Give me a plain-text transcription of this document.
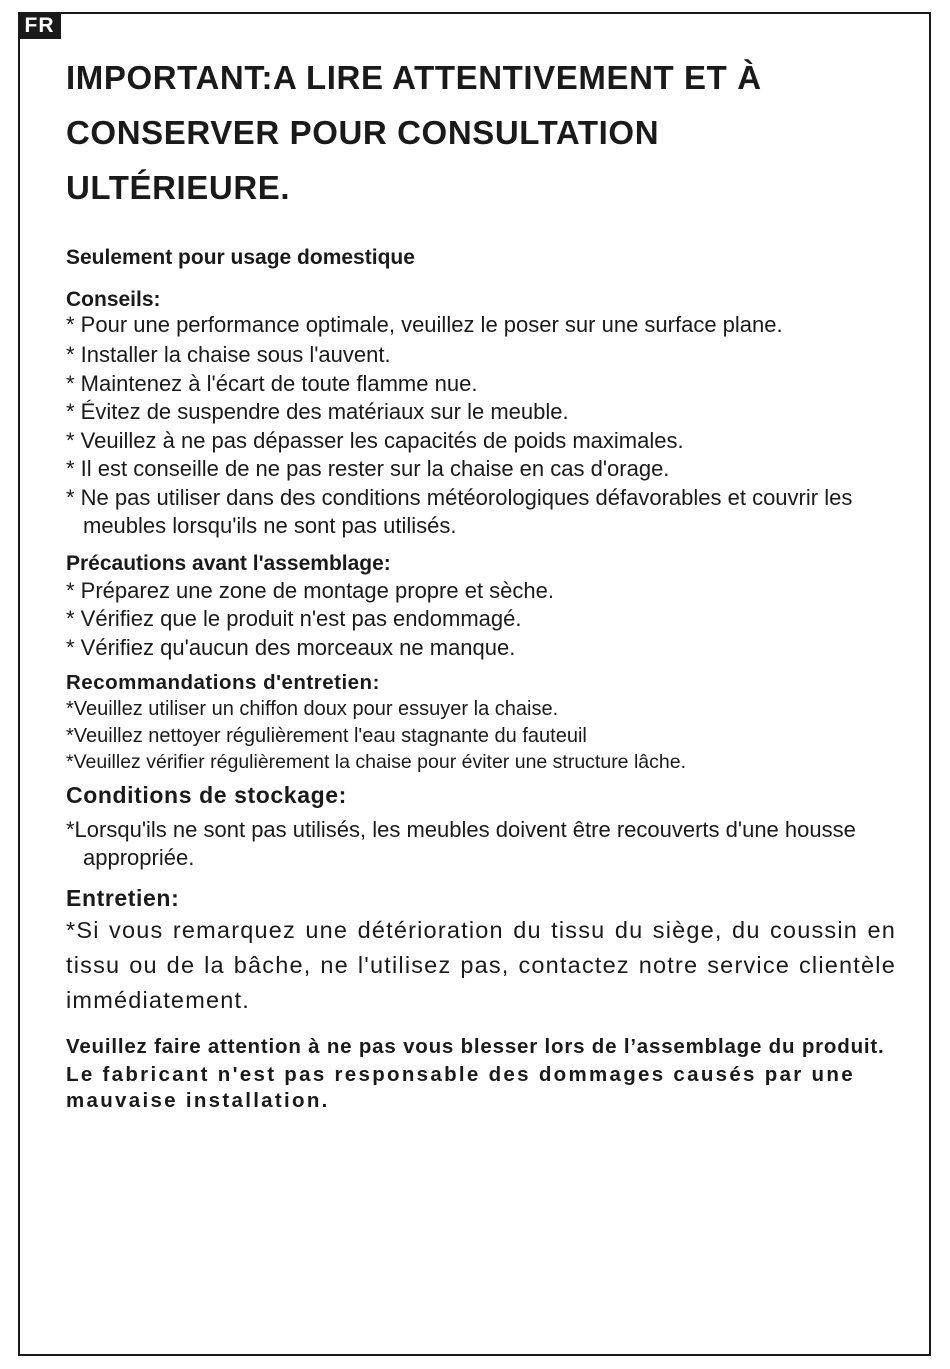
FR
IMPORTANT:A LIRE ATTENTIVEMENT ET À
CONSERVER POUR CONSULTATION
ULTÉRIEURE.

Seulement pour usage domestique

Conseils:

* Pour une performance optimale, veuillez le poser sur une surface plane.

* Installer la chaise sous l'auvent.

* Maintenez à l'écart de toute flamme nue.

* Évitez de suspendre des matériaux sur le meuble.

* Veuillez à ne pas dépasser les capacités de poids maximales.

* Il est conseille de ne pas rester sur la chaise en cas d'orage.

* Ne pas utiliser dans des conditions météorologiques défavorables et couvrir les meubles lorsqu'ils ne sont pas utilisés.

Précautions avant l'assemblage:

* Préparez une zone de montage propre et sèche.

* Vérifiez que le produit n'est pas endommagé.

* Vérifiez qu'aucun des morceaux ne manque.

Recommandations d'entretien:

*Veuillez utiliser un chiffon doux pour essuyer la chaise.

*Veuillez nettoyer régulièrement l'eau stagnante du fauteuil

*Veuillez vérifier régulièrement la chaise pour éviter une structure lâche.

Conditions de stockage:

*Lorsqu'ils ne sont pas utilisés, les meubles doivent être recouverts d'une housse appropriée.

Entretien:

*Si vous remarquez une détérioration du tissu du siège, du coussin en tissu ou de la bâche, ne l'utilisez pas, contactez notre service clientèle immédiatement.

Veuillez faire attention à ne pas vous blesser lors de l’assemblage du produit.

Le fabricant n'est pas responsable des dommages causés par une mauvaise installation.
